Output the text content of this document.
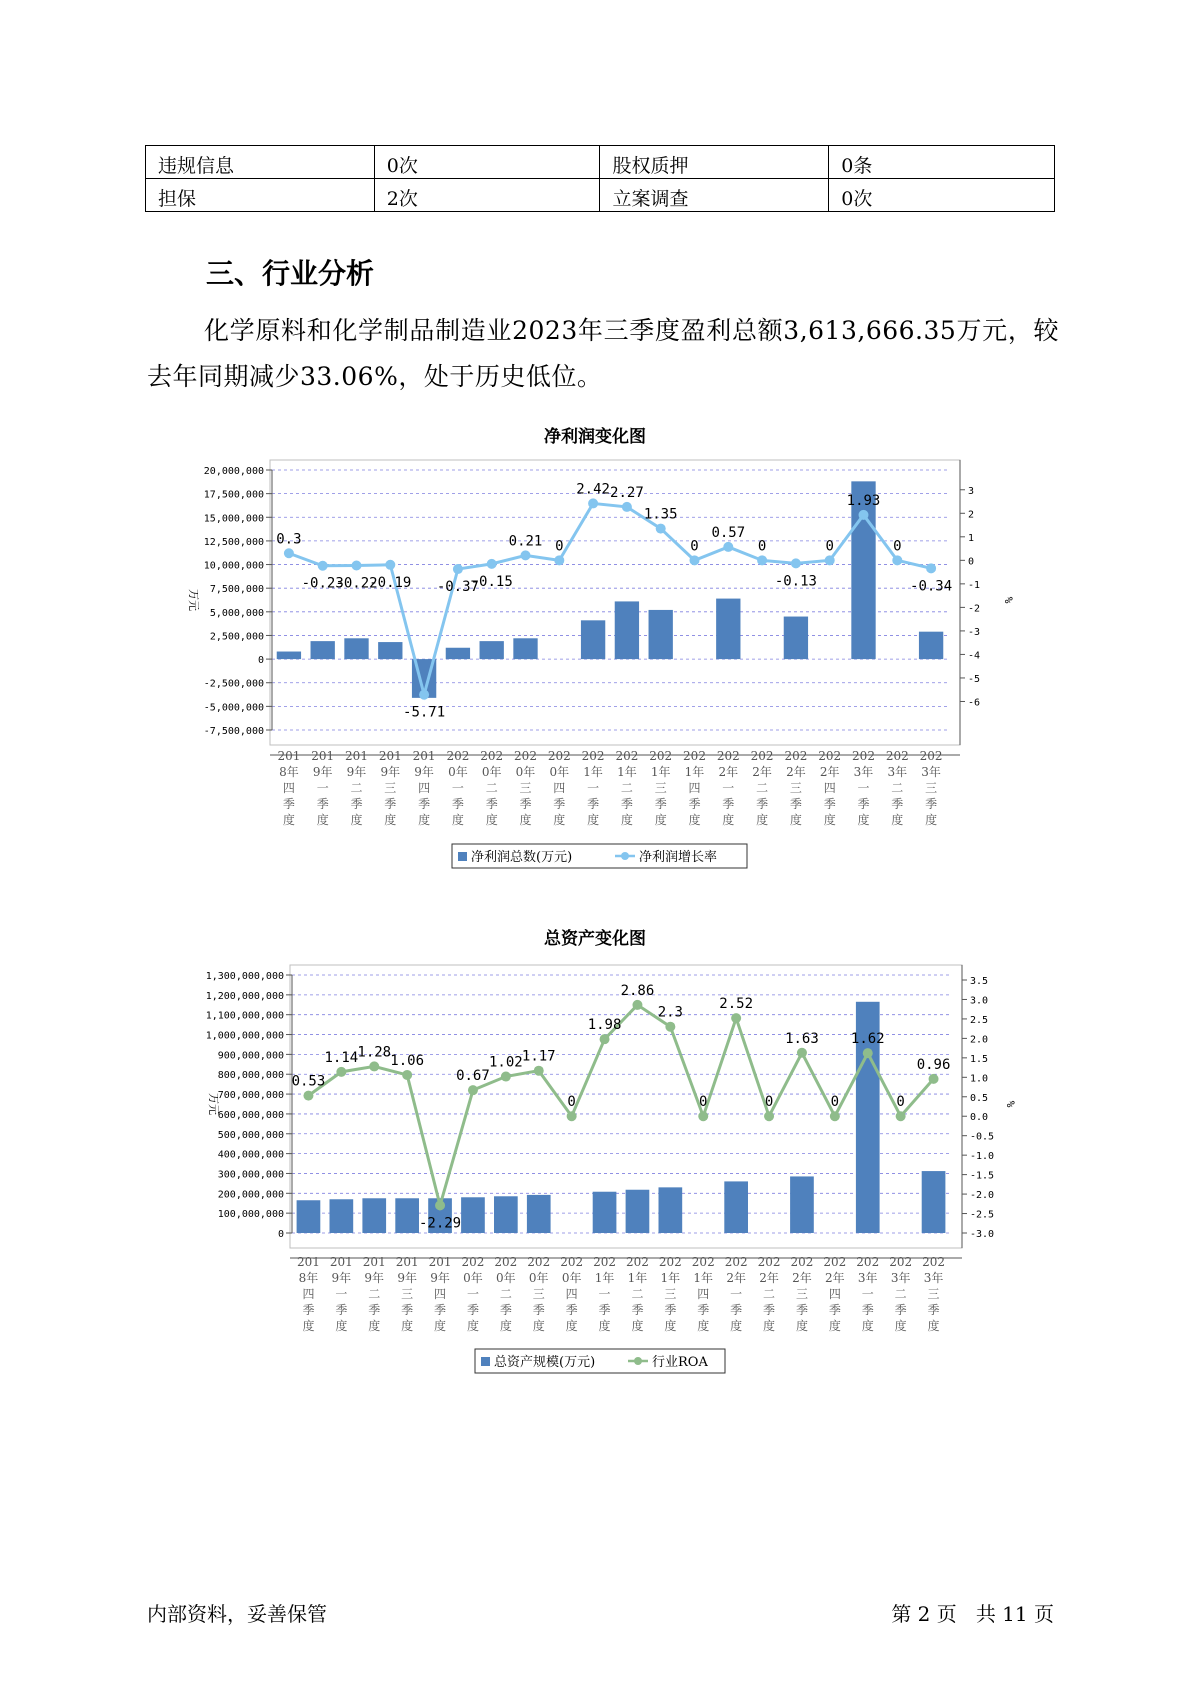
违规信息	0次	股权质押	0条
担保	2次	立案调查	0次
三、行业分析

化学原料和化学制品制造业2023年三季度盈利总额3,613,666.35万元，较去年同期减少33.06%，处于历史低位。

净利润变化图
20,000,000
17,500,000
15,000,000
12,500,000
10,000,000
7,500,000
5,000,000
2,500,000
0
-2,500,000
-5,000,000
-7,500,000
万元
3
2
1
0
-1
-2
-3
-4
-5
-6
%
201
8年
四
季
度
201
9年
一
季
度
201
9年
二
季
度
201
9年
三
季
度
201
9年
四
季
度
202
0年
一
季
度
202
0年
二
季
度
202
0年
三
季
度
202
0年
四
季
度
202
1年
一
季
度
202
1年
二
季
度
202
1年
三
季
度
202
1年
四
季
度
202
2年
一
季
度
202
2年
二
季
度
202
2年
三
季
度
202
2年
四
季
度
202
3年
一
季
度
202
3年
二
季
度
202
3年
三
季
度
0.3
-0.23
-0.22
-0.19
-5.71
-0.37
-0.15
0.21 0
2.42 2.27
1.35
0
0.57
0
-0.13
0
1.93
0
-0.34
净利润总数(万元)	净利润增长率
总资产变化图
1,300,000,000
1,200,000,000
1,100,000,000
1,000,000,000
900,000,000
800,000,000
700,000,000
600,000,000
500,000,000
400,000,000
300,000,000
200,000,000
100,000,000
0
万元
3.5
3.0
2.5
2.0
1.5
1.0
0.5
0.0
-0.5
-1.0
-1.5
-2.0
-2.5
-3.0
%
201
8年
四
季
度
201
9年
一
季
度
201
9年
二
季
度
201
9年
三
季
度
201
9年
四
季
度
202
0年
一
季
度
202
0年
二
季
度
202
0年
三
季
度
202
0年
四
季
度
202
1年
一
季
度
202
1年
二
季
度
202
1年
三
季
度
202
1年
四
季
度
202
2年
一
季
度
202
2年
二
季
度
202
2年
三
季
度
202
2年
四
季
度
202
3年
一
季
度
202
3年
二
季
度
202
3年
三
季
度
0.53
1.14 1.28
1.06
-2.29
0.67
1.02 1.17
0
1.98
2.86
2.3
0
2.52
0
1.63
0
1.62
0
0.96
总资产规模(万元)	行业ROA
内部资料，妥善保管	第 2 页   共 11 页
